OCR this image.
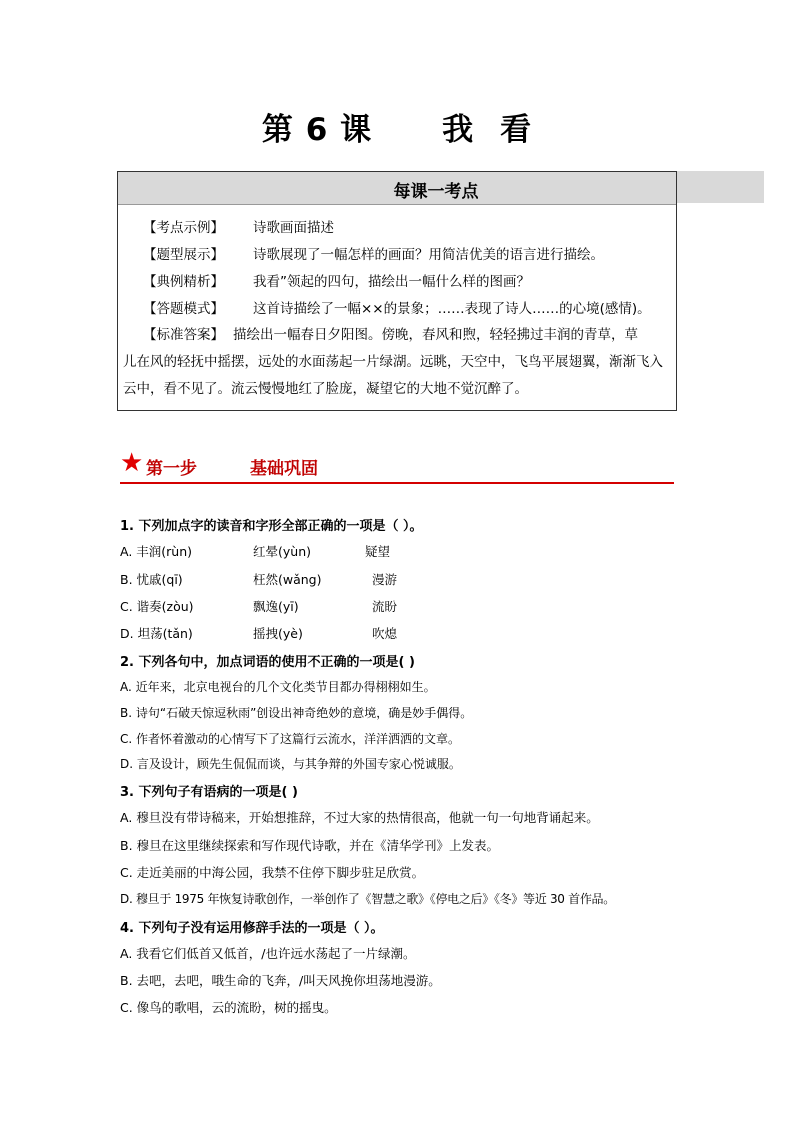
第 6 课 我 看
每课一考点
【考点示例】 诗歌画面描述
【题型展示】 诗歌展现了一幅怎样的画面？用简洁优美的语言进行描绘。
【典例精析】 我看”领起的四句，描绘出一幅什么样的图画？
【答题模式】 这首诗描绘了一幅××的景象；……表现了诗人……的心境(感情)。
【标准答案】 描绘出一幅春日夕阳图。傍晚，春风和煦，轻轻拂过丰润的青草，草
儿在风的轻抚中摇摆，远处的水面荡起一片绿湖。远眺，天空中，飞鸟平展翅翼，渐渐飞入
云中，看不见了。流云慢慢地红了脸庞，凝望它的大地不觉沉醉了。
★ 第一步	基础巩固
1. 下列加点字的读音和字形全部正确的一项是（ ）。
A. 丰润(rùn)	红晕(yùn)	疑望
B. 忧戚(qī)	枉然(wǎng)	漫游
C. 谐奏(zòu)	飘逸(yī)	流盼
D. 坦荡(tǎn)	摇拽(yè)	吹熄
2. 下列各句中，加点词语的使用不正确的一项是( )
A. 近年来，北京电视台的几个文化类节目都办得栩栩如生。
B. 诗句“石破天惊逗秋雨”创设出神奇绝妙的意境，确是妙手偶得。
C. 作者怀着激动的心情写下了这篇行云流水，洋洋洒洒的文章。
D. 言及设计，顾先生侃侃而谈，与其争辩的外国专家心悦诚服。
3. 下列句子有语病的一项是( )
A. 穆旦没有带诗稿来，开始想推辞，不过大家的热情很高，他就一句一句地背诵起来。
B. 穆旦在这里继续探索和写作现代诗歌，并在《清华学刊》上发表。
C. 走近美丽的中海公园，我禁不住停下脚步驻足欣赏。
D. 穆旦于 1975 年恢复诗歌创作，一举创作了《智慧之歌》《停电之后》《冬》等近 30 首作品。
4. 下列句子没有运用修辞手法的一项是（ ）。
A. 我看它们低首又低首，/也许远水荡起了一片绿潮。
B. 去吧，去吧，哦生命的飞奔，/叫天风挽你坦荡地漫游。
C. 像鸟的歌唱，云的流盼，树的摇曳。
